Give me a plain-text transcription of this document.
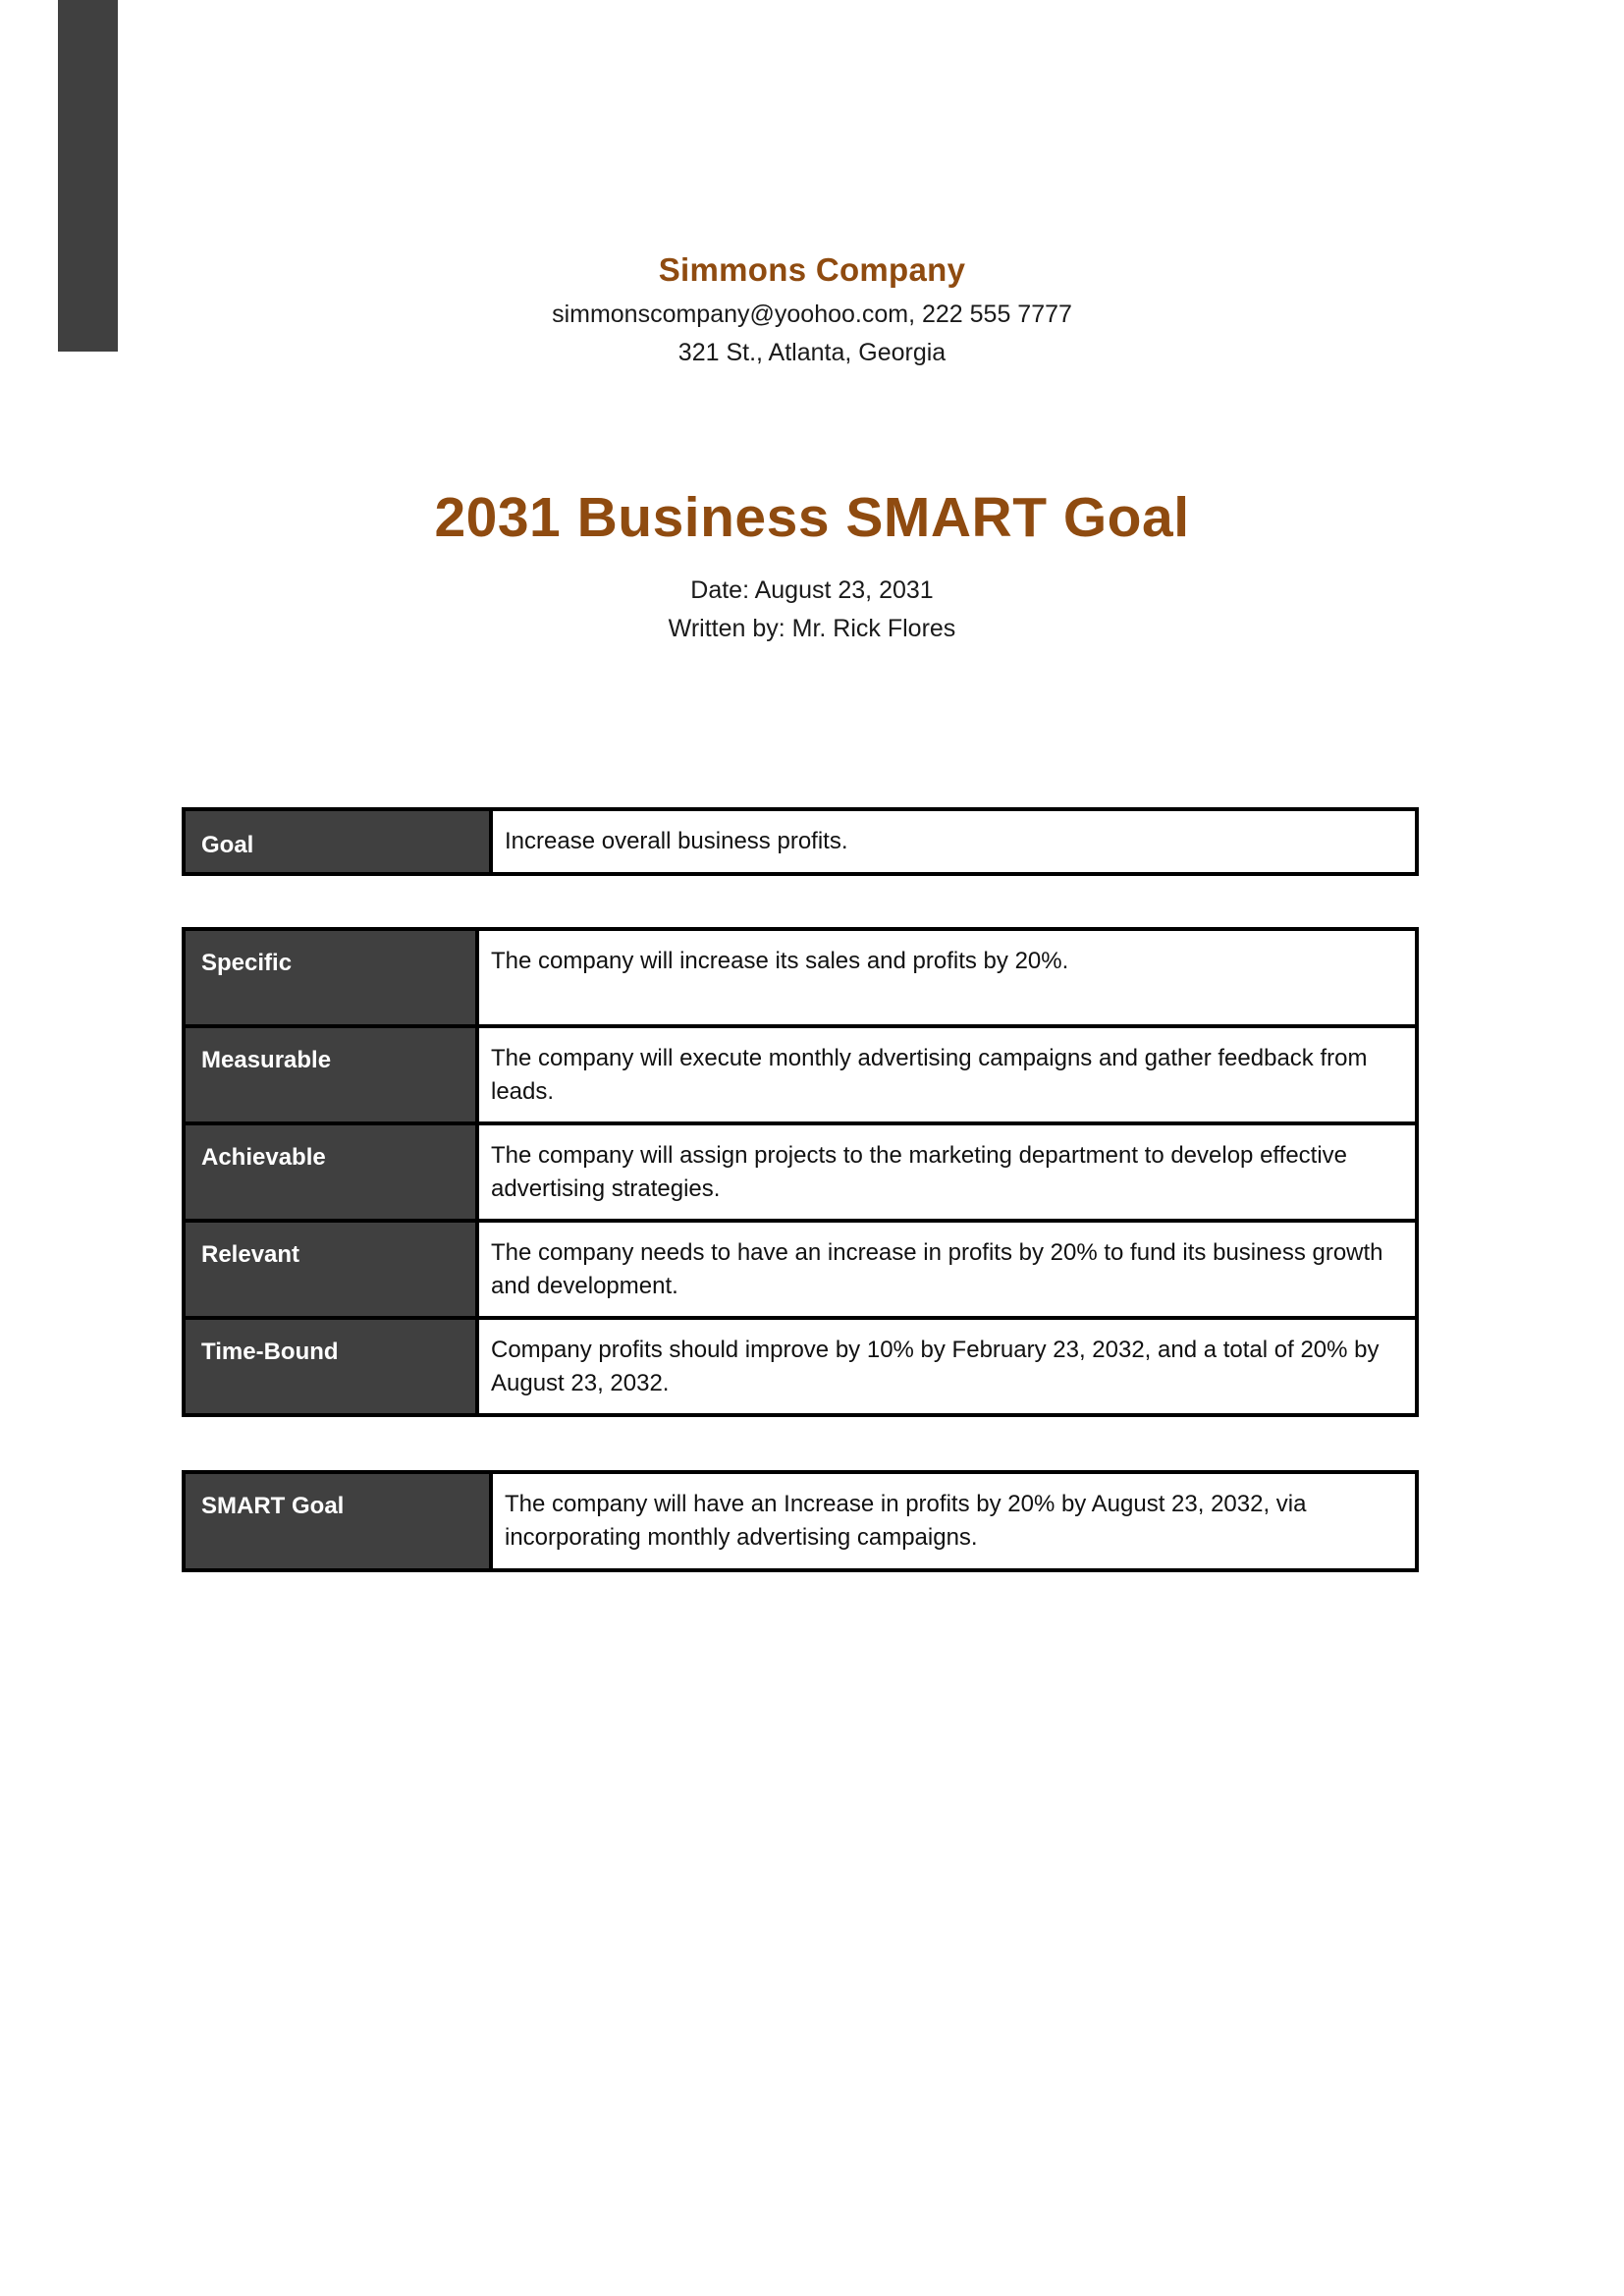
Simmons Company
simmonscompany@yoohoo.com, 222 555 7777
321 St., Atlanta, Georgia
2031 Business SMART Goal
Date: August 23, 2031
Written by: Mr. Rick Flores
Goal	Increase overall business profits.
Specific	The company will increase its sales and profits by 20%.
Measurable	The company will execute monthly advertising campaigns and gather feedback from leads.
Achievable	The company will assign projects to the marketing department to develop effective advertising strategies.
Relevant	The company needs to have an increase in profits by 20% to fund its business growth and development.
Time-Bound	Company profits should improve by 10% by February 23, 2032, and a total of 20% by August 23, 2032.
SMART Goal	The company will have an Increase in profits by 20% by August 23, 2032, via incorporating monthly advertising campaigns.
